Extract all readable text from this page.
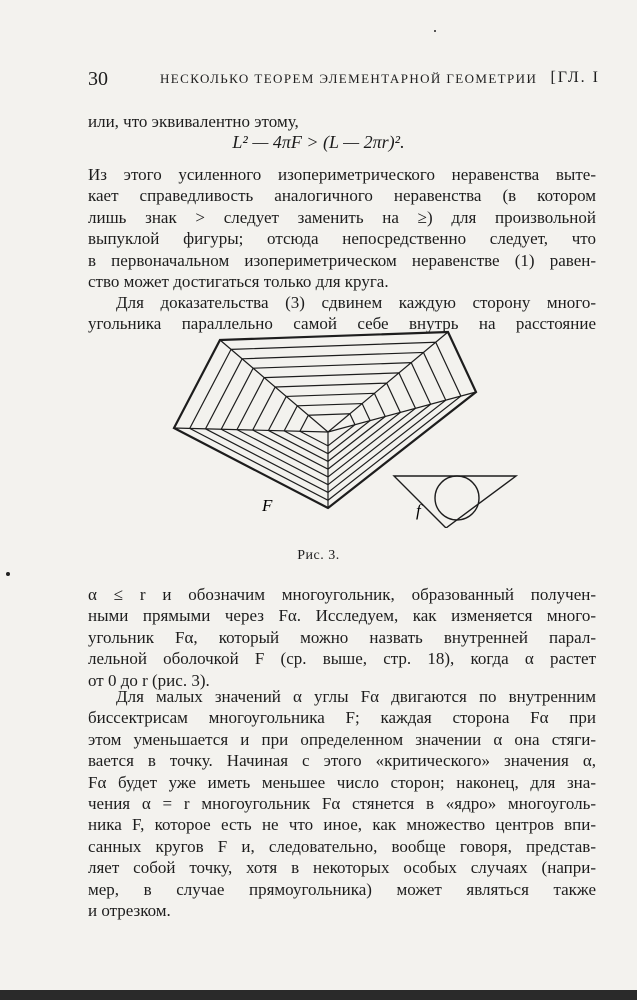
30	НЕСКОЛЬКО ТЕОРЕМ ЭЛЕМЕНТАРНОЙ ГЕОМЕТРИИ [ГЛ. I
или, что эквивалентно этому,
L² — 4πF > (L — 2πr)².
Из этого усиленного изопериметрического неравенства выте-
кает справедливость аналогичного неравенства (в котором
лишь знак > следует заменить на ≥) для произвольной
выпуклой фигуры; отсюда непосредственно следует, что
в первоначальном изопериметрическом неравенстве (1) равен-
ство может достигаться только для круга.
Для доказательства (3) сдвинем каждую сторону много-
угольника параллельно самой себе внутрь на расстояние
F	f
Рис. 3.
α ≤ r и обозначим многоугольник, образованный получен-
ными прямыми через Fα. Исследуем, как изменяется много-
угольник Fα, который можно назвать внутренней парал-
лельной оболочкой F (ср. выше, стр. 18), когда α растет
от 0 до r (рис. 3).
Для малых значений α углы Fα двигаются по внутренним
биссектрисам многоугольника F; каждая сторона Fα при
этом уменьшается и при определенном значении α она стяги-
вается в точку. Начиная с этого «критического» значения α,
Fα будет уже иметь меньшее число сторон; наконец, для зна-
чения α = r многоугольник Fα стянется в «ядро» многоуголь-
ника F, которое есть не что иное, как множество центров впи-
санных кругов F и, следовательно, вообще говоря, представ-
ляет собой точку, хотя в некоторых особых случаях (напри-
мер, в случае прямоугольника) может являться также
и отрезком.
